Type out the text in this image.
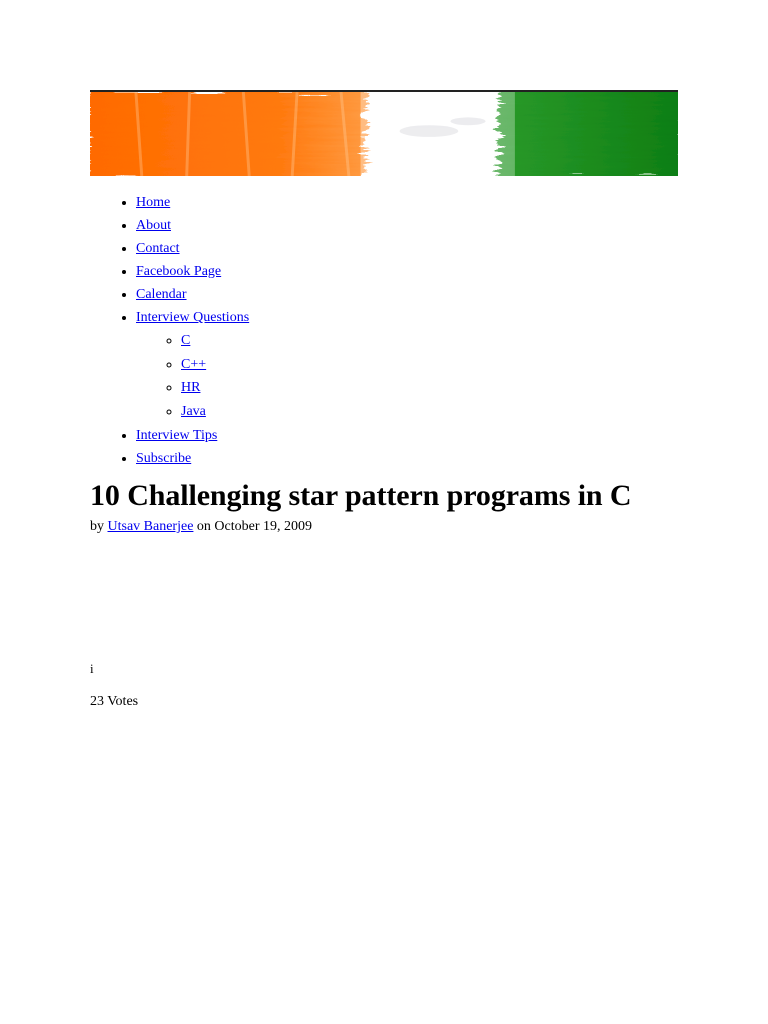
• Home
• About
• Contact
• Facebook Page
• Calendar
• Interview Questions
◦ C
◦ C++
◦ HR
◦ Java
• Interview Tips
• Subscribe
10 Challenging star pattern programs in C
by Utsav Banerjee on October 19, 2009
i
23 Votes
